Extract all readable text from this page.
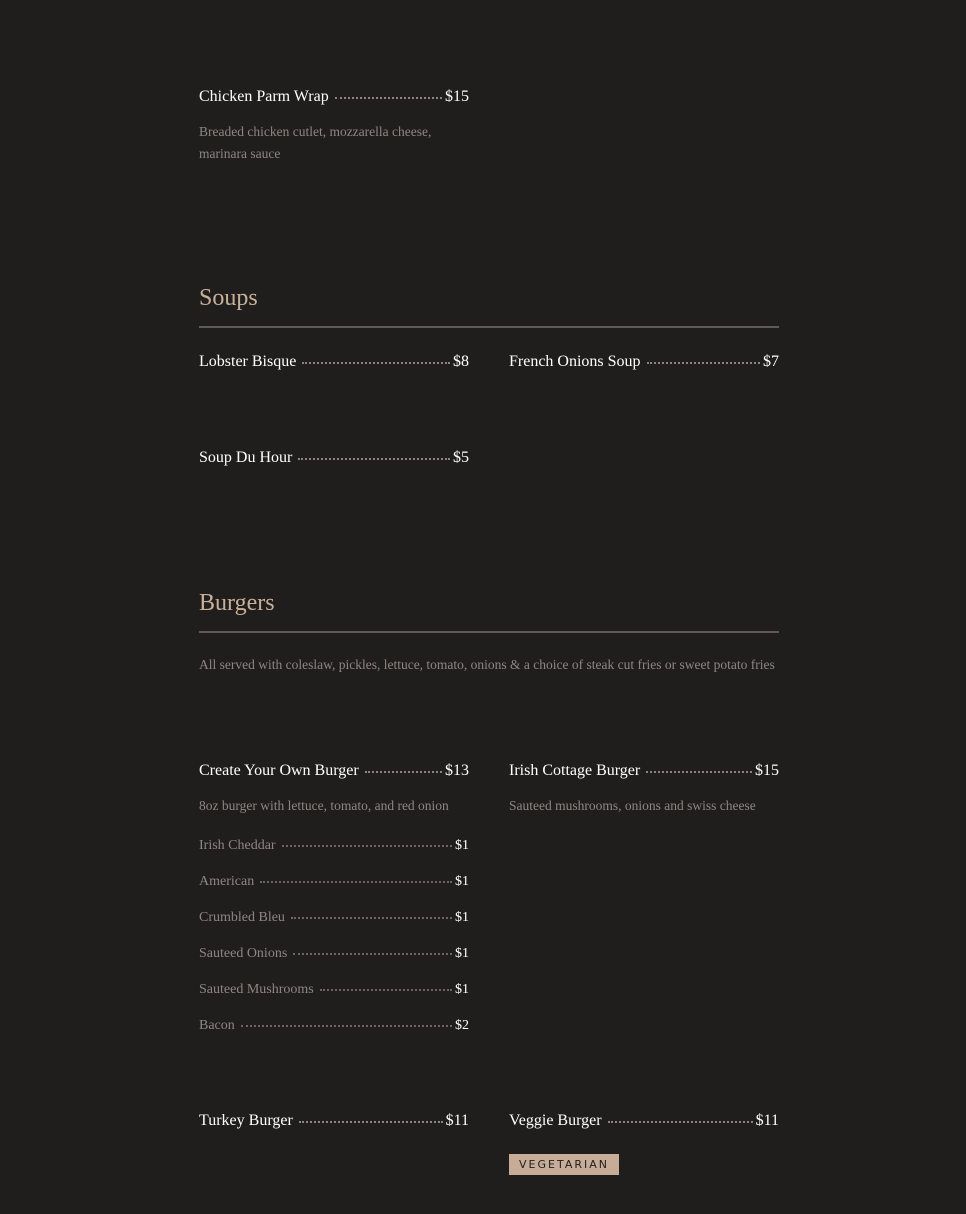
Chicken Parm Wrap	$15
Breaded chicken cutlet, mozzarella cheese, marinara sauce
Soups
Lobster Bisque	$8	French Onions Soup	$7
Soup Du Hour	$5
Burgers
All served with coleslaw, pickles, lettuce, tomato, onions & a choice of steak cut fries or sweet potato fries
Create Your Own Burger	$13
8oz burger with lettuce, tomato, and red onion
Irish Cottage Burger	$15
Sauteed mushrooms, onions and swiss cheese
Irish Cheddar	$1
American	$1
Crumbled Bleu	$1
Sauteed Onions	$1
Sauteed Mushrooms	$1
Bacon	$2
Turkey Burger	$11	Veggie Burger	$11
VEGETARIAN
